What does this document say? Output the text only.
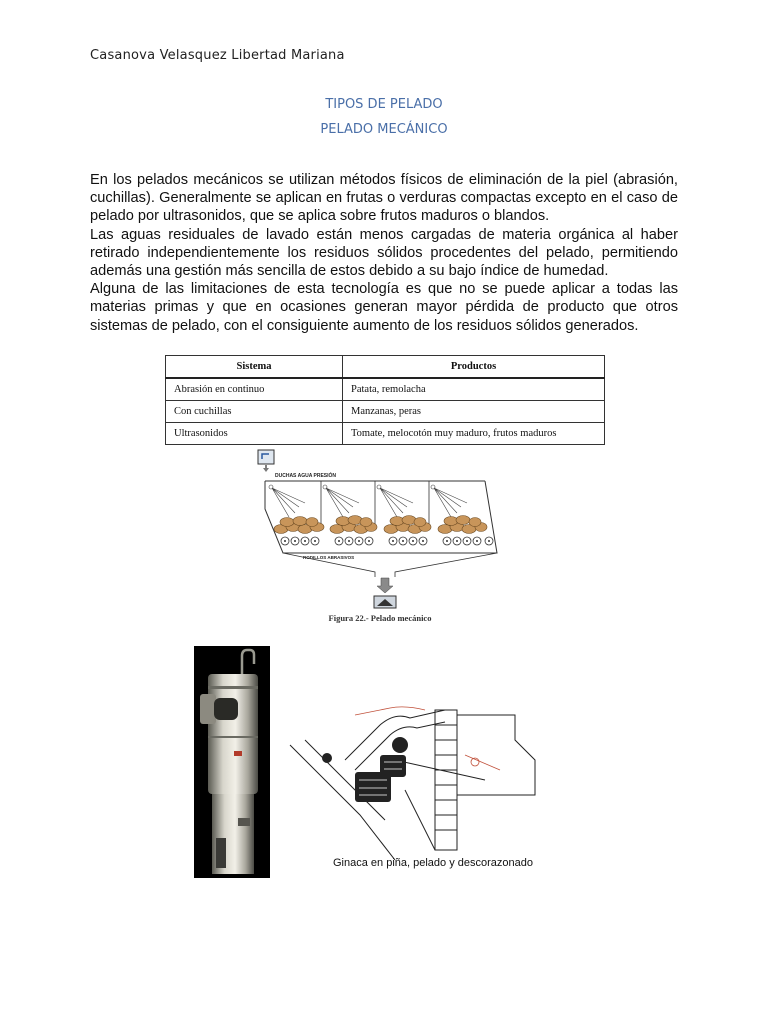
Casanova Velasquez Libertad Mariana
TIPOS DE PELADO
PELADO MECÁNICO

En los pelados mecánicos se utilizan métodos físicos de eliminación de la piel (abrasión, cuchillas). Generalmente se aplican en frutas o verduras compactas excepto en el caso de pelado por ultrasonidos, que se aplica sobre frutos maduros o blandos.

Las aguas residuales de lavado están menos cargadas de materia orgánica al haber retirado independientemente los residuos sólidos procedentes del pelado, permitiendo además una gestión más sencilla de estos debido a su bajo índice de humedad.

Alguna de las limitaciones de esta tecnología es que no se puede aplicar a todas las materias primas y que en ocasiones generan mayor pérdida de producto que otros sistemas de pelado, con el consiguiente aumento de los residuos sólidos generados.

Sistema	Productos
Abrasión en continuo	Patata, remolacha
Con cuchillas	Manzanas, peras
Ultrasonidos	Tomate, melocotón muy maduro, frutos maduros
DUCHAS AGUA PRESIÓN
RODILLOS ABRASIVOS
Figura 22.- Pelado mecánico
Ginaca en piña, pelado y descorazonado
